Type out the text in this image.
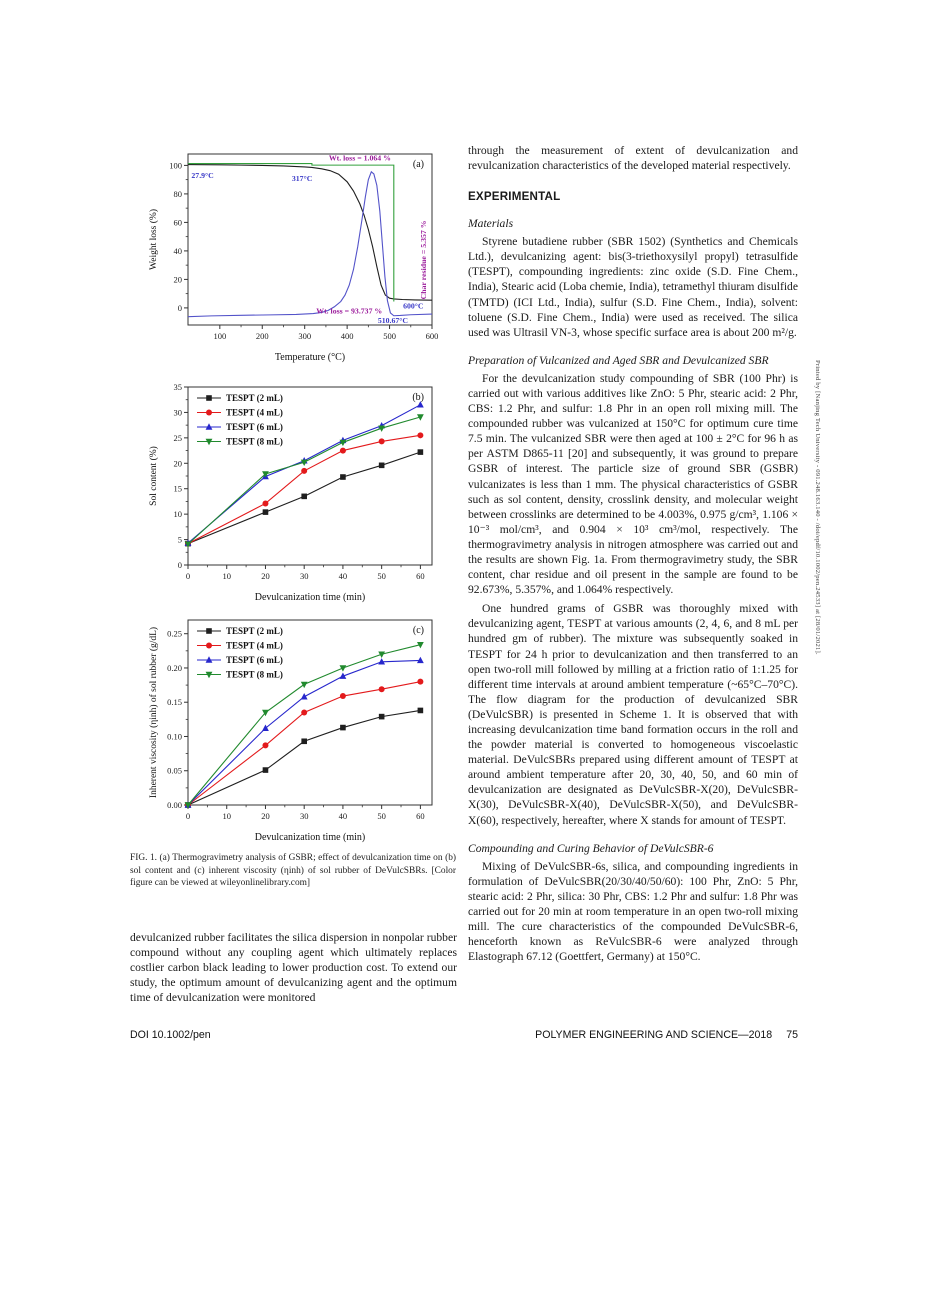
100	200	300	400	500	600
0
20
40
60
80
100
Temperature (°C)
Weight loss (%)
(a)
27.9°C	317°C
Wt. loss = 1.064 %
Wt. loss = 93.737 %
510.67°C
600°C
Char residue = 5.357 %
0	10	20	30	40	50	60
0
5
10
15
20
25
30
35
Devulcanization time (min)
Sol content (%)
TESPT (2 mL)
TESPT (4 mL)
TESPT (6 mL)
TESPT (8 mL)
(b)
0	10	20	30	40	50	60
0.00
0.05
0.10
0.15
0.20
0.25
Devulcanization time (min)
Inherent viscosity (ηinh) of sol rubber (g/dL)	TESPT (2 mL)
TESPT (4 mL)
TESPT (6 mL)
TESPT (8 mL)
(c)
FIG. 1. (a) Thermogravimetry analysis of GSBR; effect of devulcanization time on (b) sol content and (c) inherent viscosity (ηinh) of sol rubber of DeVulcSBRs. [Color figure can be viewed at wileyonlinelibrary.com]
devulcanized rubber facilitates the silica dispersion in nonpolar rubber compound without any coupling agent which ultimately replaces costlier carbon black leading to lower production cost. To extend our study, the optimum amount of devulcanizing agent and the optimum time of devulcanization were monitored
DOI 10.1002/pen
through the measurement of extent of devulcanization and revulcanization characteristics of the developed material respectively.
EXPERIMENTAL
Materials
Styrene butadiene rubber (SBR 1502) (Synthetics and Chemicals Ltd.), devulcanizing agent: bis(3-triethoxysilyl propyl) tetrasulfide (TESPT), compounding ingredients: zinc oxide (S.D. Fine Chem., India), Stearic acid (Loba chemie, India), tetramethyl thiuram disulfide (TMTD) (ICI Ltd., India), sulfur (S.D. Fine Chem., India), solvent: toluene (S.D. Fine Chem., India) were used as received. The silica used was Ultrasil VN-3, whose specific surface area is about 200 m²/g.
Preparation of Vulcanized and Aged SBR and Devulcanized SBR
For the devulcanization study compounding of SBR (100 Phr) is carried out with various additives like ZnO: 5 Phr, stearic acid: 2 Phr, CBS: 1.2 Phr, and sulfur: 1.8 Phr in an open roll mixing mill. The compounded rubber was vulcanized at 150°C for optimum cure time 7.5 min. The vulcanized SBR were then aged at 100 ± 2°C for 96 h as per ASTM D865-11 [20] and subsequently, it was ground to prepare GSBR of interest. The particle size of ground SBR (GSBR) vulcanizates is less than 1 mm. The physical characteristics of GSBR such as sol content, density, crosslink density, and molecular weight between crosslinks are determined to be 4.003%, 0.975 g/cm³, 1.106 × 10⁻³ mol/cm³, and 0.904 × 10³ cm³/mol, respectively. The thermogravimetry analysis in nitrogen atmosphere was carried out and the results are shown Fig. 1a. From thermogravimetry study, the SBR content, char residue and oil present in the sample are found to be 92.673%, 5.357%, and 1.064% respectively.
One hundred grams of GSBR was thoroughly mixed with devulcanizing agent, TESPT at various amounts (2, 4, 6, and 8 mL per hundred gm of rubber). The mixture was subsequently soaked in TESPT for 24 h prior to devulcanization and then transferred to an open two-roll mill followed by milling at a friction ratio of 1:1.25 for different time intervals at around ambient temperature (~65°C–70°C). The flow diagram for the production of devulcanized SBR (DeVulcSBR) is presented in Scheme 1. It is observed that with increasing devulcanization time band formation occurs in the roll and the powder material is converted to homogeneous viscoelastic material. DeVulcSBRs prepared using different amount of TESPT at around ambient temperature after 20, 30, 40, 50, and 60 min of devulcanization are designated as DeVulcSBR-X(20), DeVulcSBR-X(30), DeVulcSBR-X(40), DeVulcSBR-X(50), and DeVulcSBR-X(60), respectively, hereafter, where X stands for amount of TESPT.
Compounding and Curing Behavior of DeVulcSBR-6
Mixing of DeVulcSBR-6s, silica, and compounding ingredients in formulation of DeVulcSBR(20/30/40/50/60): 100 Phr, ZnO: 5 Phr, stearic acid: 2 Phr, silica: 30 Phr, CBS: 1.2 Phr and sulfur: 1.8 Phr was carried out for 20 min at room temperature in an open two-roll mixing mill. The cure characteristics of the compounded DeVulcSBR-6, henceforth known as ReVulcSBR-6 were analyzed through Elastograph 67.12 (Goettfert, Germany) at 150°C.
POLYMER ENGINEERING AND SCIENCE—2018 75
Printed by [Nanjing Tech University - 091.248.163.140 - /doi/epdf/10.1002/pen.24533] at [28/01/2021].
